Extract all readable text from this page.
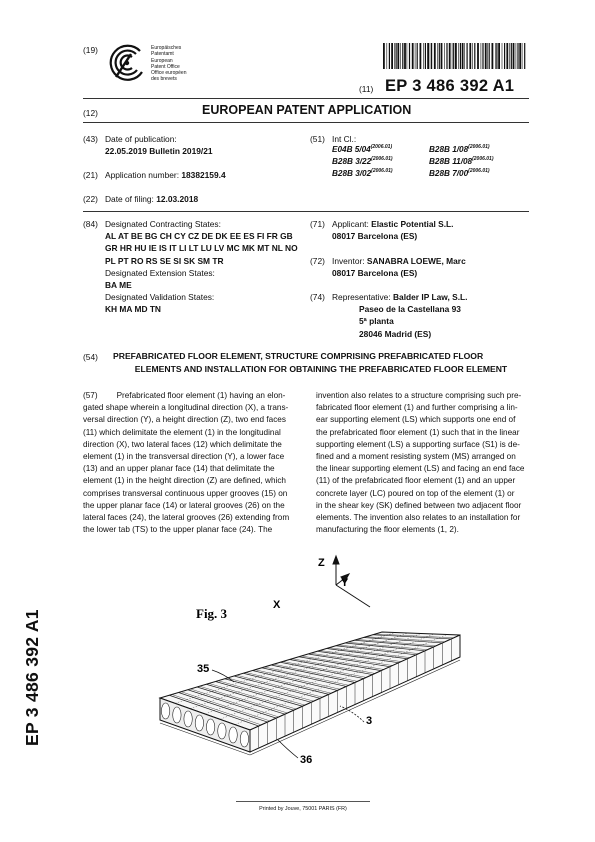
(19)	Europäisches
Patentamt
European
Patent Office
Office européen
des brevets
(11) EP 3 486 392 A1
(12)	EUROPEAN PATENT APPLICATION
(43) Date of publication:
22.05.2019 Bulletin 2019/21
(21) Application number: 18382159.4
(22) Date of filing: 12.03.2018
(51) Int Cl.:
E04B $5/04^{(2006.01)}$
B28B $3/22^{(2006.01)}$
B28B $3/02^{(2006.01)}$
B28B $1/08^{(2006.01)}$
B28B $11/08^{(2006.01)}$
B28B $7/00^{(2006.01)}$
(84) Designated Contracting States:
AL AT BE BG CH CY CZ DE DK EE ES FI FR GB
GR HR HU IE IS IT LI LT LU LV MC MK MT NL NO
PL PT RO RS SE SI SK SM TR
Designated Extension States:
BA ME
Designated Validation States:
KH MA MD TN
(71) Applicant: Elastic Potential S.L.
08017 Barcelona (ES)
(72) Inventor: SANABRA LOEWE, Marc
08017 Barcelona (ES)
(74) Representative: Balder IP Law, S.L.
Paseo de la Castellana 93
5ª planta
28046 Madrid (ES)
(54) PREFABRICATED FLOOR ELEMENT, STRUCTURE COMPRISING PREFABRICATED FLOOR
ELEMENTS AND INSTALLATION FOR OBTAINING THE PREFABRICATED FLOOR ELEMENT
(57) Prefabricated floor element (1) having an elon-
gated shape wherein a longitudinal direction (X), a trans-
versal direction (Y), a height direction (Z), two end faces
(11) which delimitate the element (1) in the longitudinal
direction (X), two lateral faces (12) which delimitate the
element (1) in the transversal direction (Y), a lower face
(13) and an upper planar face (14) that delimitate the
element (1) in the height direction (Z) are defined, which
comprises transversal continuous upper grooves (15) on
the upper planar face (14) or lateral grooves (26) on the
lateral faces (24), the lateral grooves (26) extending from
the lower tab (TS) to the upper planar face (24). The
invention also relates to a structure comprising such pre-
fabricated floor element (1) and further comprising a lin-
ear supporting element (LS) which supports one end of
the prefabricated floor element (1) such that in the linear
supporting element (LS) a supporting surface (S1) is de-
fined and a moment resisting system (MS) arranged on
the linear supporting element (LS) and facing an end face
(11) of the prefabricated floor element (1) and an upper
concrete layer (LC) poured on top of the element (1) or
in the shear key (SK) defined between two adjacent floor
elements. The invention also relates to an installation for
manufacturing the floor elements (1, 2).
Z
Y
X
Fig. 3
35
3
36
EP 3 486 392 A1
Printed by Jouve, 75001 PARIS (FR)
